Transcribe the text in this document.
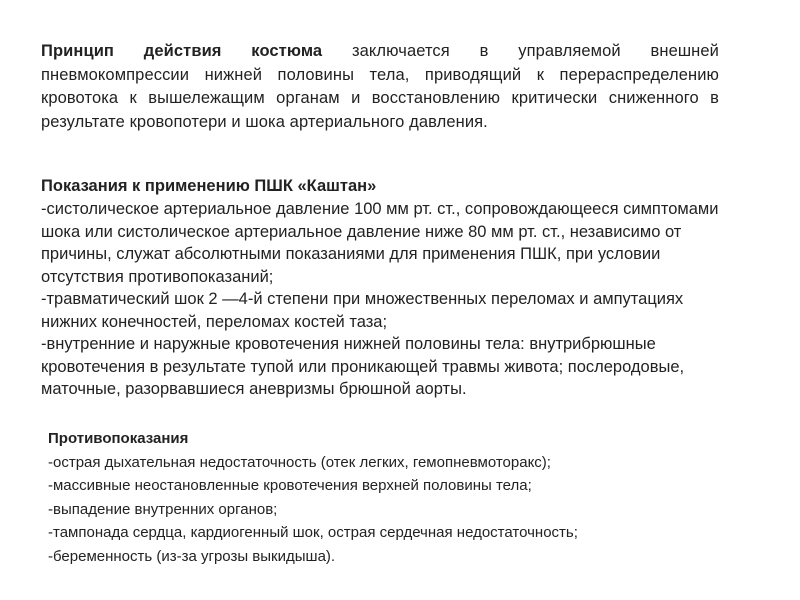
Принцип действия костюма заключается в управляемой внешней пневмокомпрессии нижней половины тела, приводящий к перераспределению кровотока к вышележащим органам и восстановлению критически сниженного в результате кровопотери и шока артериального давления.

Показания к применению ПШК «Каштан»

-систолическое артериальное давление 100 мм рт. ст., сопровождающееся симптомами шока или систолическое артериальное давление ниже 80 мм рт. ст., независимо от причины, служат абсолютными показаниями для применения ПШК, при условии отсутствия противопоказаний;

-травматический шок 2 —4-й степени при множественных переломах и ампутациях нижних конечностей, переломах костей таза;

-внутренние и наружные кровотечения нижней половины тела: внутрибрюшные кровотечения в результате тупой или проникающей травмы живота; послеродовые, маточные, разорвавшиеся аневризмы брюшной аорты.

Противопоказания

-острая дыхательная недостаточность (отек легких, гемопневмоторакс);

-массивные неостановленные кровотечения верхней половины тела;

-выпадение внутренних органов;

-тампонада сердца, кардиогенный шок, острая сердечная недостаточность;

-беременность (из-за угрозы выкидыша).
